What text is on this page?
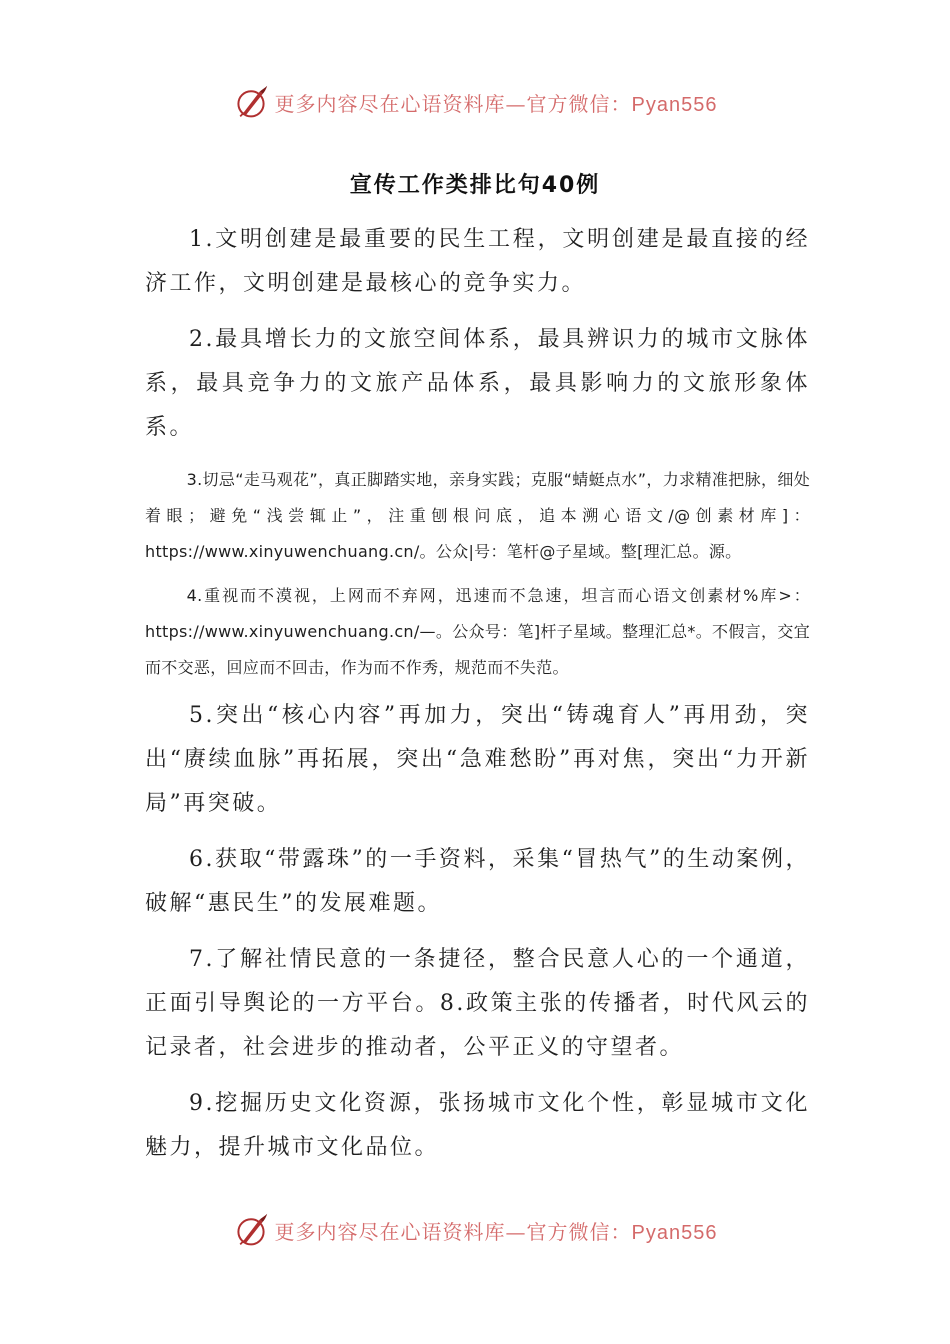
更多内容尽在心语资料库—官方微信：Pyan556
宣传工作类排比句40例

1.文明创建是最重要的民生工程，文明创建是最直接的经济工作，文明创建是最核心的竞争实力。

2.最具增长力的文旅空间体系，最具辨识力的城市文脉体系，最具竞争力的文旅产品体系，最具影响力的文旅形象体系。

3.切忌“走马观花”，真正脚踏实地，亲身实践；克服“蜻蜓点水”，力求精准把脉，细处着眼；避免“浅尝辄止”，注重刨根问底，追本溯心语文/@创素材库]：https://www.xinyuwenchuang.cn/。公众|号：笔杆@子星域。整[理汇总。源。

4.重视而不漠视，上网而不弃网，迅速而不急速，坦言而心语文创素材%库>：https://www.xinyuwenchuang.cn/—。公众号：笔]杆子星域。整理汇总*。不假言，交宜而不交恶，回应而不回击，作为而不作秀，规范而不失范。

5.突出“核心内容”再加力，突出“铸魂育人”再用劲，突出“赓续血脉”再拓展，突出“急难愁盼”再对焦，突出“力开新局”再突破。

6.获取“带露珠”的一手资料，采集“冒热气”的生动案例，破解“惠民生”的发展难题。

7.了解社情民意的一条捷径，整合民意人心的一个通道，正面引导舆论的一方平台。8.政策主张的传播者，时代风云的记录者，社会进步的推动者，公平正义的守望者。

9.挖掘历史文化资源，张扬城市文化个性，彰显城市文化魅力，提升城市文化品位。

更多内容尽在心语资料库—官方微信：Pyan556
